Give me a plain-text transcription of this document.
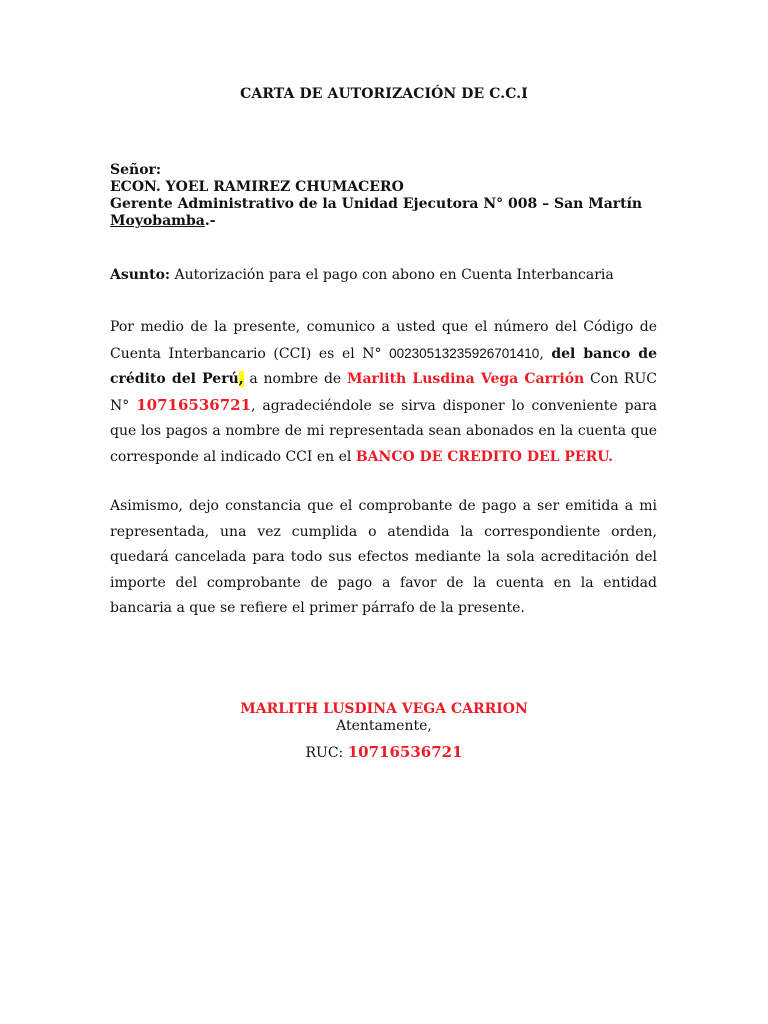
CARTA DE AUTORIZACIÓN DE C.C.I
Señor:
ECON. YOEL RAMIREZ CHUMACERO
Gerente Administrativo de la Unidad Ejecutora N° 008 – San Martín
Moyobamba.-
Asunto: Autorización para el pago con abono en Cuenta Interbancaria
Por medio de la presente, comunico a usted que el número del Código de Cuenta Interbancario (CCI) es el N° 00230513235926701410, del banco de crédito del Perú, a nombre de Marlith Lusdina Vega Carrión Con RUC N° 10716536721, agradeciéndole se sirva disponer lo conveniente para que los pagos a nombre de mi representada sean abonados en la cuenta que corresponde al indicado CCI en el BANCO DE CREDITO DEL PERU.
Asimismo, dejo constancia que el comprobante de pago a ser emitida a mi representada, una vez cumplida o atendida la correspondiente orden, quedará cancelada para todo sus efectos mediante la sola acreditación del importe del comprobante de pago a favor de la cuenta en la entidad bancaria a que se refiere el primer párrafo de la presente.
MARLITH LUSDINA VEGA CARRION
Atentamente,
RUC: 10716536721
